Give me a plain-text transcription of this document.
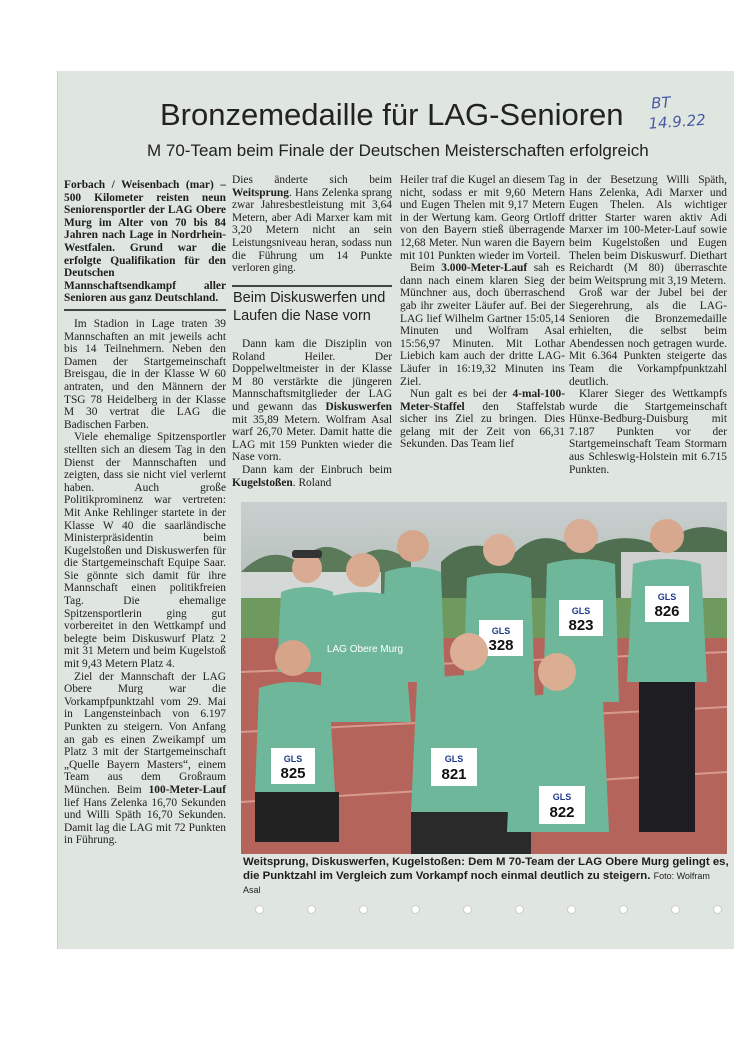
BT
14.9.22
Bronzemedaille für LAG-Senioren
M 70-Team beim Finale der Deutschen Meisterschaften erfolgreich

Forbach / Weisenbach (mar) – 500 Kilometer reisten neun Seniorensportler der LAG Obere Murg im Alter von 70 bis 84 Jahren nach Lage in Nordrhein-Westfalen. Grund war die erfolgte Qualifikation für den Deutschen Mannschaftsendkampf aller Senioren aus ganz Deutschland.

Im Stadion in Lage traten 39 Mannschaften an mit jeweils acht bis 14 Teilnehmern. Neben den Damen der Startgemeinschaft Breisgau, die in der Klasse W 60 antraten, und den Männern der TSG 78 Heidelberg in der Klasse M 30 vertrat die LAG die Badischen Farben.

Viele ehemalige Spitzensportler stellten sich an diesem Tag in den Dienst der Mannschaften und zeigten, dass sie nicht viel verlernt haben. Auch große Politikprominenz war vertreten: Mit Anke Rehlinger startete in der Klasse W 40 die saarländische Ministerpräsidentin beim Kugelstoßen und Diskuswerfen für die Startgemeinschaft Equipe Saar. Sie gönnte sich damit für ihre Mannschaft einen politikfreien Tag. Die ehemalige Spitzensportlerin ging gut vorbereitet in den Wettkampf und belegte beim Diskuswurf Platz 2 mit 31 Metern und beim Kugelstoß mit 9,43 Metern Platz 4.

Ziel der Mannschaft der LAG Obere Murg war die Vorkampfpunktzahl vom 29. Mai in Langensteinbach von 6.197 Punkten zu steigern. Von Anfang an gab es einen Zweikampf um Platz 3 mit der Startgemeinschaft „Quelle Bayern Masters“, einem Team aus dem Großraum München. Beim 100-Meter-Lauf lief Hans Zelenka 16,70 Sekunden und Willi Späth 16,70 Sekunden. Damit lag die LAG mit 72 Punkten in Führung.

Dies änderte sich beim Weitsprung. Hans Zelenka sprang zwar Jahresbestleistung mit 3,64 Metern, aber Adi Marxer kam mit 3,20 Metern nicht an sein Leistungsniveau heran, sodass nun die Führung um 14 Punkte verloren ging.

Beim Diskuswerfen und Laufen die Nase vorn

Dann kam die Disziplin von Roland Heiler. Der Doppelweltmeister in der Klasse M 80 verstärkte die jüngeren Mannschaftsmitglieder der LAG und gewann das Diskuswerfen mit 35,89 Metern. Wolfram Asal warf 26,70 Meter. Damit hatte die LAG mit 159 Punkten wieder die Nase vorn.

Dann kam der Einbruch beim Kugelstoßen. Roland

Heiler traf die Kugel an diesem Tag nicht, sodass er mit 9,60 Metern und Eugen Thelen mit 9,17 Metern in der Wertung kam. Georg Ortloff von den Bayern stieß überragende 12,68 Meter. Nun waren die Bayern mit 101 Punkten wieder im Vorteil.

Beim 3.000-Meter-Lauf sah es dann nach einem klaren Sieg der Münchner aus, doch überraschend gab ihr zweiter Läufer auf. Bei der LAG lief Wilhelm Gartner 15:05,14 Minuten und Wolfram Asal 15:56,97 Minuten. Mit Lothar Liebich kam auch der dritte LAG-Läufer in 16:19,32 Minuten ins Ziel.

Nun galt es bei der 4-mal-100-Meter-Staffel den Staffelstab sicher ins Ziel zu bringen. Dies gelang mit der Zeit von 66,31 Sekunden. Das Team lief

in der Besetzung Willi Späth, Hans Zelenka, Adi Marxer und Eugen Thelen. Als wichtiger dritter Starter waren aktiv Adi Marxer im 100-Meter-Lauf sowie beim Kugelstoßen und Eugen Thelen beim Diskuswurf. Diethart Reichardt (M 80) überraschte beim Weitsprung mit 3,19 Metern.

Groß war der Jubel bei der Siegerehrung, als die LAG-Senioren die Bronzemedaille erhielten, die selbst beim Abendessen noch getragen wurde. Mit 6.364 Punkten steigerte das Team die Vorkampfpunktzahl deutlich.

Klarer Sieger des Wettkampfs wurde die Startgemeinschaft Hünxe-Bedburg-Duisburg mit 7.187 Punkten vor der Startgemeinschaft Team Stormarn aus Schleswig-Holstein mit 6.715 Punkten.

GLS
826
GLS
823
GLS
328
LAG Obere Murg
GLS
825
GLS
821
GLS
822
Weitsprung, Diskuswerfen, Kugelstoßen: Dem M 70-Team der LAG Obere Murg gelingt es, die Punktzahl im Vergleich zum Vorkampf noch einmal deutlich zu steigern. Foto: Wolfram Asal
